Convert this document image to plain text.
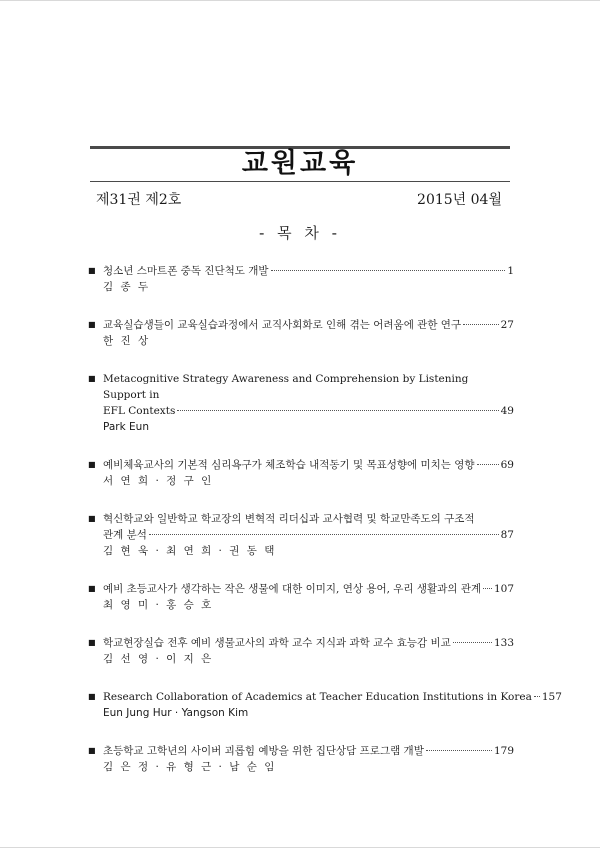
교원교육
제31권 제2호	2015년 04월
- 목 차 -
■ 청소년 스마트폰 중독 진단척도 개발	1
김 종 두
■ 교육실습생들이 교육실습과정에서 교직사회화로 인해 겪는 어려움에 관한 연구	27
한 진 상
■ Metacognitive Strategy Awareness and Comprehension by Listening Support in
EFL Contexts	49
Park Eun
■ 예비체육교사의 기본적 심리욕구가 체조학습 내적동기 및 목표성향에 미치는 영향 69
서 연 희 · 정 구 인
■ 혁신학교와 일반학교 학교장의 변혁적 리더십과 교사협력 및 학교만족도의 구조적
관계 분석	87
김 현 욱 · 최 연 희 · 권 동 택
■ 예비 초등교사가 생각하는 작은 생물에 대한 이미지, 연상 용어, 우리 생활과의 관계 107
최 영 미 · 홍 승 호
■ 학교현장실습 전후 예비 생물교사의 과학 교수 지식과 과학 교수 효능감 비교	133
김 선 영 · 이 지 은
■ Research Collaboration of Academics at Teacher Education Institutions in Korea 157
Eun Jung Hur · Yangson Kim
■ 초등학교 고학년의 사이버 괴롭힘 예방을 위한 집단상담 프로그램 개발	179
김 은 정 · 유 형 근 · 남 순 임
